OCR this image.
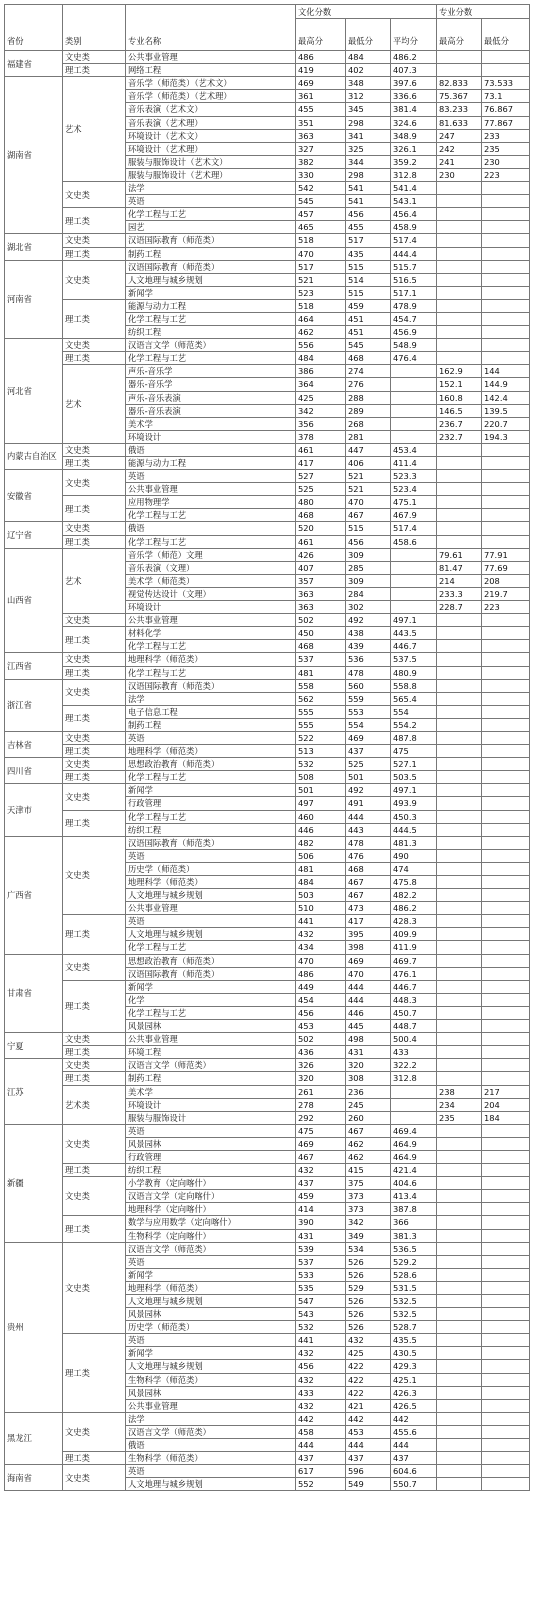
省份	类别	专业名称	文化分数			专业分数	
			最高分	最低分	平均分	最高分	最低分
福建省	文史类	公共事业管理	486	484	486.2		
	理工类	网络工程	419	402	407.3		
湖南省	艺术	音乐学（师范类）（艺术文）	469	348	397.6	82.833	73.533
		音乐学（师范类）（艺术理）	361	312	336.6	75.367	73.1
		音乐表演（艺术文）	455	345	381.4	83.233	76.867
		音乐表演（艺术理）	351	298	324.6	81.633	77.867
		环境设计（艺术文）	363	341	348.9	247	233
		环境设计（艺术理）	327	325	326.1	242	235
		服装与服饰设计（艺术文）	382	344	359.2	241	230
		服装与服饰设计（艺术理）	330	298	312.8	230	223
	文史类	法学	542	541	541.4		
		英语	545	541	543.1		
	理工类	化学工程与工艺	457	456	456.4		
		园艺	465	455	458.9		
湖北省	文史类	汉语国际教育（师范类）	518	517	517.4		
	理工类	制药工程	470	435	444.4		
河南省	文史类	汉语国际教育（师范类）	517	515	515.7		
		人文地理与城乡规划	521	514	516.5		
		新闻学	523	515	517.1		
	理工类	能源与动力工程	518	459	478.9		
		化学工程与工艺	464	451	454.7		
		纺织工程	462	451	456.9		
河北省	文史类	汉语言文学（师范类）	556	545	548.9		
	理工类	化学工程与工艺	484	468	476.4		
	艺术	声乐-音乐学	386	274		162.9	144
		器乐-音乐学	364	276		152.1	144.9
		声乐-音乐表演	425	288		160.8	142.4
		器乐-音乐表演	342	289		146.5	139.5
		美术学	356	268		236.7	220.7
		环境设计	378	281		232.7	194.3
内蒙古自治区	文史类	俄语	461	447	453.4		
	理工类	能源与动力工程	417	406	411.4		
安徽省	文史类	英语	527	521	523.3		
		公共事业管理	525	521	523.4		
	理工类	应用物理学	480	470	475.1		
		化学工程与工艺	468	467	467.9		
辽宁省	文史类	俄语	520	515	517.4		
	理工类	化学工程与工艺	461	456	458.6		
山西省	艺术	音乐学（师范）文理	426	309		79.61	77.91
		音乐表演（文理）	407	285		81.47	77.69
		美术学（师范类）	357	309		214	208
		视觉传达设计（文理）	363	284		233.3	219.7
		环境设计	363	302		228.7	223
	文史类	公共事业管理	502	492	497.1		
	理工类	材料化学	450	438	443.5		
		化学工程与工艺	468	439	446.7		
江西省	文史类	地理科学（师范类）	537	536	537.5		
	理工类	化学工程与工艺	481	478	480.9		
浙江省	文史类	汉语国际教育（师范类）	558	560	558.8		
		法学	562	559	565.4		
	理工类	电子信息工程	555	553	554		
		制药工程	555	554	554.2		
吉林省	文史类	英语	522	469	487.8		
	理工类	地理科学（师范类）	513	437	475		
四川省	文史类	思想政治教育（师范类）	532	525	527.1		
	理工类	化学工程与工艺	508	501	503.5		
天津市	文史类	新闻学	501	492	497.1		
		行政管理	497	491	493.9		
	理工类	化学工程与工艺	460	444	450.3		
		纺织工程	446	443	444.5		
广西省	文史类	汉语国际教育（师范类）	482	478	481.3		
		英语	506	476	490		
		历史学（师范类）	481	468	474		
		地理科学（师范类）	484	467	475.8		
		人文地理与城乡规划	503	467	482.2		
		公共事业管理	510	473	486.2		
	理工类	英语	441	417	428.3		
		人文地理与城乡规划	432	395	409.9		
		化学工程与工艺	434	398	411.9		
甘肃省	文史类	思想政治教育（师范类）	470	469	469.7		
		汉语国际教育（师范类）	486	470	476.1		
	理工类	新闻学	449	444	446.7		
		化学	454	444	448.3		
		化学工程与工艺	456	446	450.7		
		风景园林	453	445	448.7		
宁夏	文史类	公共事业管理	502	498	500.4		
	理工类	环境工程	436	431	433		
江苏	文史类	汉语言文学（师范类）	326	320	322.2		
	理工类	制药工程	320	308	312.8		
	艺术类	美术学	261	236		238	217
		环境设计	278	245		234	204
		服装与服饰设计	292	260		235	184
新疆	文史类	英语	475	467	469.4		
		风景园林	469	462	464.9		
		行政管理	467	462	464.9		
	理工类	纺织工程	432	415	421.4		
	文史类	小学教育（定向喀什）	437	375	404.6		
		汉语言文学（定向喀什）	459	373	413.4		
		地理科学（定向喀什）	414	373	387.8		
	理工类	数学与应用数学（定向喀什）	390	342	366		
		生物科学（定向喀什）	431	349	381.3		
贵州	文史类	汉语言文学（师范类）	539	534	536.5		
		英语	537	526	529.2		
		新闻学	533	526	528.6		
		地理科学（师范类）	535	529	531.5		
		人文地理与城乡规划	547	526	532.5		
		风景园林	543	526	532.5		
		历史学（师范类）	532	526	528.7		
	理工类	英语	441	432	435.5		
		新闻学	432	425	430.5		
		人文地理与城乡规划	456	422	429.3		
		生物科学（师范类）	432	422	425.1		
		风景园林	433	422	426.3		
		公共事业管理	432	421	426.5		
黑龙江	文史类	法学	442	442	442		
		汉语言文学（师范类）	458	453	455.6		
		俄语	444	444	444		
	理工类	生物科学（师范类）	437	437	437		
海南省	文史类	英语	617	596	604.6		
		人文地理与城乡规划	552	549	550.7		
